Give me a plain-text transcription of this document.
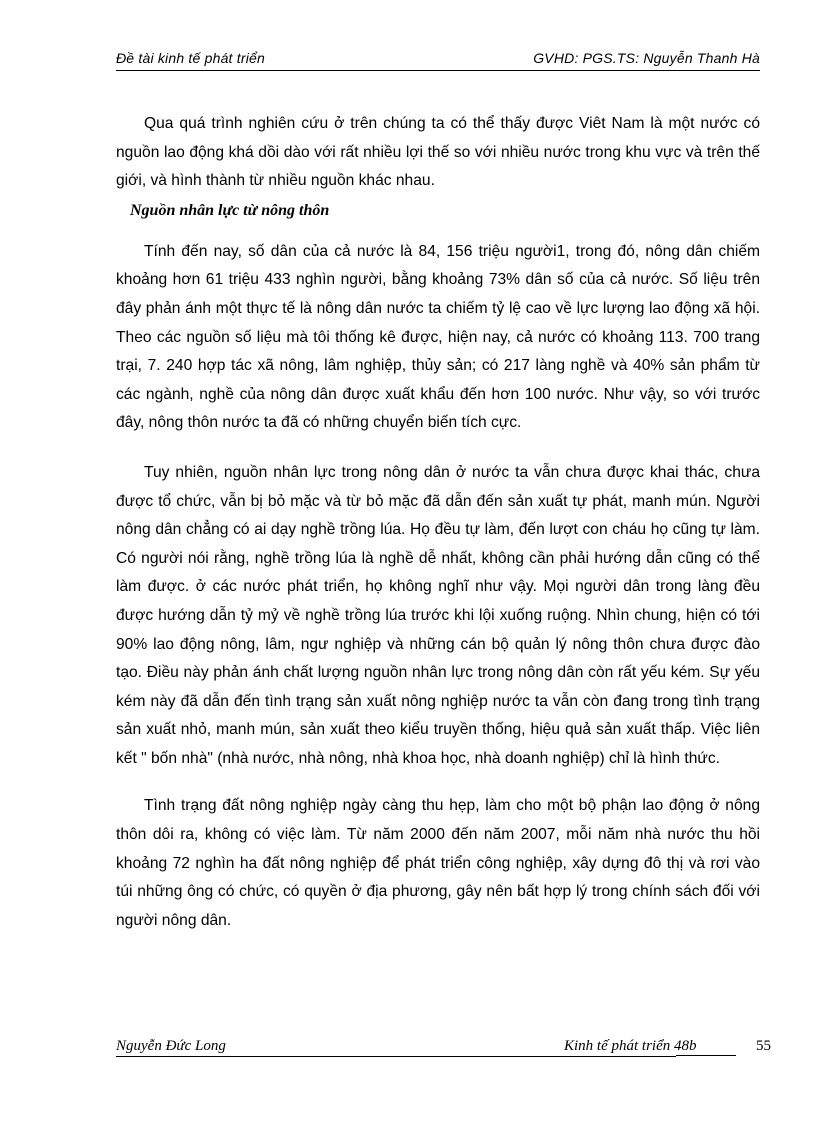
Đề tài kinh tế phát triển	GVHD: PGS.TS: Nguyễn Thanh Hà

Qua quá trình nghiên cứu ở trên chúng ta có thể thấy được Viêt Nam là một nước có nguồn lao động khá dồi dào với rất nhiều lợi thế so với nhiều nước trong khu vực và trên thế giới, và hình thành từ nhiều nguồn khác nhau.

Nguồn nhân lực từ nông thôn

Tính đến nay, số dân của cả nước là 84, 156 triệu người1, trong đó, nông dân chiếm khoảng hơn 61 triệu 433 nghìn người, bằng khoảng 73% dân số của cả nước. Số liệu trên đây phản ánh một thực tế là nông dân nước ta chiếm tỷ lệ cao về lực lượng lao động xã hội. Theo các nguồn số liệu mà tôi thống kê được, hiện nay, cả nước có khoảng 113. 700 trang trại, 7. 240 hợp tác xã nông, lâm nghiệp, thủy sản; có 217 làng nghề và 40% sản phẩm từ các ngành, nghề của nông dân được xuất khẩu đến hơn 100 nước. Như vậy, so với trước đây, nông thôn nước ta đã có những chuyển biến tích cực.

Tuy nhiên, nguồn nhân lực trong nông dân ở nước ta vẫn chưa được khai thác, chưa được tổ chức, vẫn bị bỏ mặc và từ bỏ mặc đã dẫn đến sản xuất tự phát, manh mún. Người nông dân chẳng có ai dạy nghề trồng lúa. Họ đều tự làm, đến lượt con cháu họ cũng tự làm. Có người nói rằng, nghề trồng lúa là nghề dễ nhất, không cần phải hướng dẫn cũng có thể làm được. ở các nước phát triển, họ không nghĩ như vậy. Mọi người dân trong làng đều được hướng dẫn tỷ mỷ về nghề trồng lúa trước khi lội xuống ruộng. Nhìn chung, hiện có tới 90% lao động nông, lâm, ngư nghiệp và những cán bộ quản lý nông thôn chưa được đào tạo. Điều này phản ánh chất lượng nguồn nhân lực trong nông dân còn rất yếu kém. Sự yếu kém này đã dẫn đến tình trạng sản xuất nông nghiệp nước ta vẫn còn đang trong tình trạng sản xuất nhỏ, manh mún, sản xuất theo kiểu truyền thống, hiệu quả sản xuất thấp. Việc liên kết " bốn nhà" (nhà nước, nhà nông, nhà khoa học, nhà doanh nghiệp) chỉ là hình thức.

Tình trạng đất nông nghiệp ngày càng thu hẹp, làm cho một bộ phận lao động ở nông thôn dôi ra, không có việc làm. Từ năm 2000 đến năm 2007, mỗi năm nhà nước thu hồi khoảng 72 nghìn ha đất nông nghiệp để phát triển công nghiệp, xây dựng đô thị và rơi vào túi những ông có chức, có quyền ở địa phương, gây nên bất hợp lý trong chính sách đối với người nông dân.

Nguyễn Đức Long	Kinh tế phát triển 48b	55
